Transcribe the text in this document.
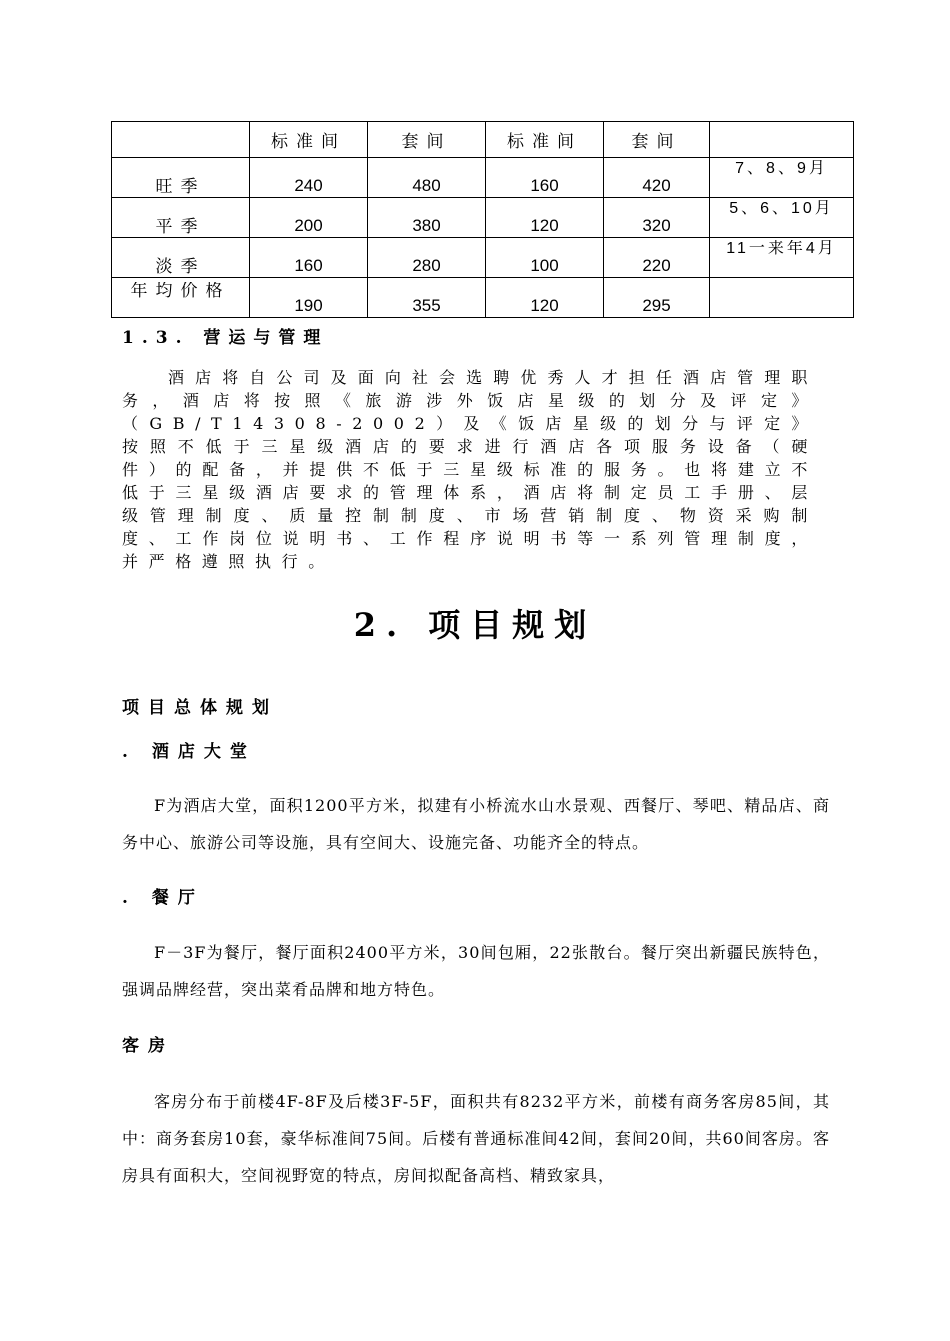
	标准间	套间	标准间	套间	
旺季	240	480	160	420	7、8、9月

平季	200	380	120	320	5、6、10月

淡季	160	280	100	220	11一来年4月

年均价格	190	355	120	295	
1.3. 营运与管理
酒店将自公司及面向社会选聘优秀人才担任酒店管理职务，酒店将按照《旅游涉外饭店星级的划分及评定》（GB/T14308-2002）及《饭店星级的划分与评定》按照不低于三星级酒店的要求进行酒店各项服务设备（硬件）的配备，并提供不低于三星级标准的服务。也将建立不低于三星级酒店要求的管理体系，酒店将制定员工手册、层级管理制度、质量控制制度、市场营销制度、物资采购制度、工作岗位说明书、工作程序说明书等一系列管理制度，并严格遵照执行。
2. 项目规划
项目总体规划
. 酒店大堂
F为酒店大堂，面积1200平方米，拟建有小桥流水山水景观、西餐厅、琴吧、精品店、商务中心、旅游公司等设施，具有空间大、设施完备、功能齐全的特点。
. 餐厅
F－3F为餐厅，餐厅面积2400平方米，30间包厢，22张散台。餐厅突出新疆民族特色，强调品牌经营，突出菜肴品牌和地方特色。
客房
客房分布于前楼4F-8F及后楼3F-5F，面积共有8232平方米，前楼有商务客房85间，其中：商务套房10套，豪华标准间75间。后楼有普通标准间42间，套间20间，共60间客房。客房具有面积大，空间视野宽的特点，房间拟配备高档、精致家具，
